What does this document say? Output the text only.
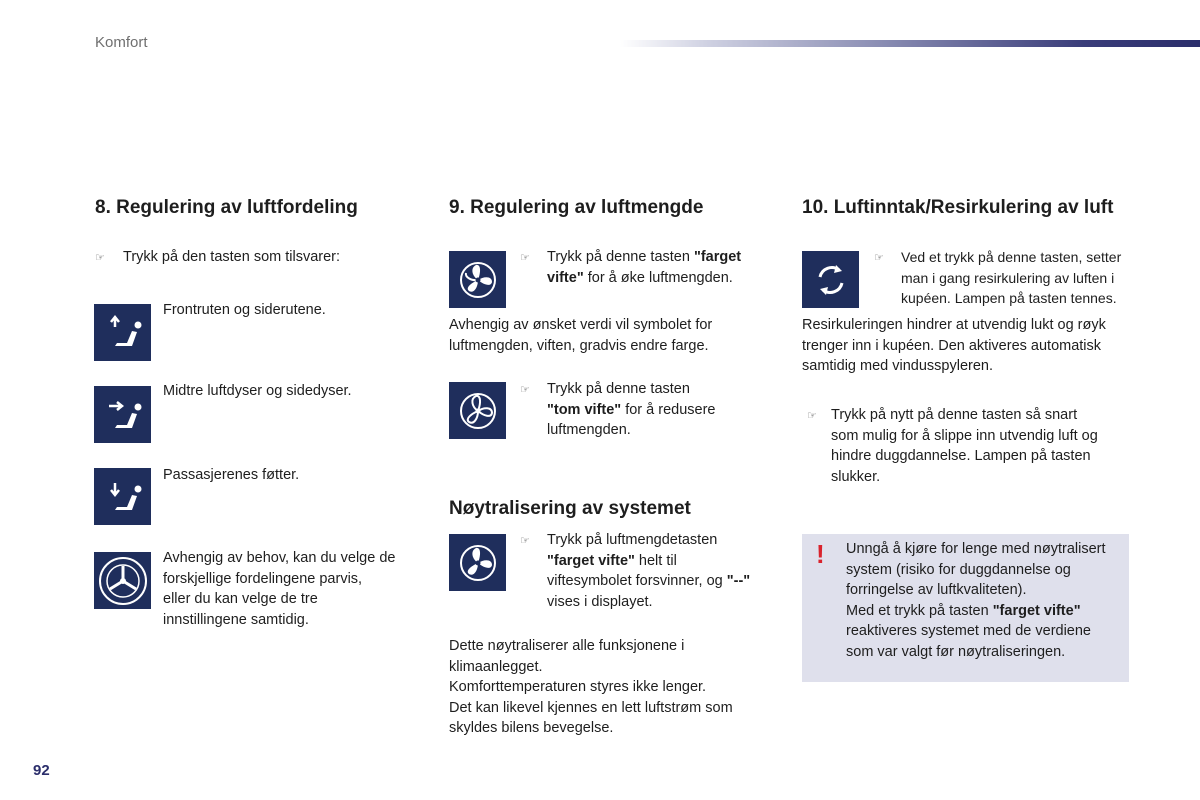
Komfort
8. Regulering av luftfordeling
☞ Trykk på den tasten som tilsvarer:
Frontruten og siderutene.
Midtre luftdyser og sidedyser.
Passasjerenes føtter.
Avhengig av behov, kan du velge de
forskjellige fordelingene parvis,
eller du kan velge de tre
innstillingene samtidig.
9. Regulering av luftmengde
☞ Trykk på denne tasten "farget
vifte" for å øke luftmengden.
Avhengig av ønsket verdi vil symbolet for
luftmengden, viften, gradvis endre farge.
☞ Trykk på denne tasten
"tom vifte" for å redusere
luftmengden.
Nøytralisering av systemet
☞ Trykk på luftmengdetasten
"farget vifte" helt til
viftesymbolet forsvinner, og "--"
vises i displayet.
Dette nøytraliserer alle funksjonene i
klimaanlegget.
Komforttemperaturen styres ikke lenger.
Det kan likevel kjennes en lett luftstrøm som
skyldes bilens bevegelse.
10. Luftinntak/Resirkulering av luft
☞ Ved et trykk på denne tasten, setter
man i gang resirkulering av luften i
kupéen. Lampen på tasten tennes.
Resirkuleringen hindrer at utvendig lukt og røyk
trenger inn i kupéen. Den aktiveres automatisk
samtidig med vindusspyleren.
☞ Trykk på nytt på denne tasten så snart
som mulig for å slippe inn utvendig luft og
hindre duggdannelse. Lampen på tasten
slukker.
! Unngå å kjøre for lenge med nøytralisert
system (risiko for duggdannelse og
forringelse av luftkvaliteten).
Med et trykk på tasten "farget vifte"
reaktiveres systemet med de verdiene
som var valgt før nøytraliseringen.
92
